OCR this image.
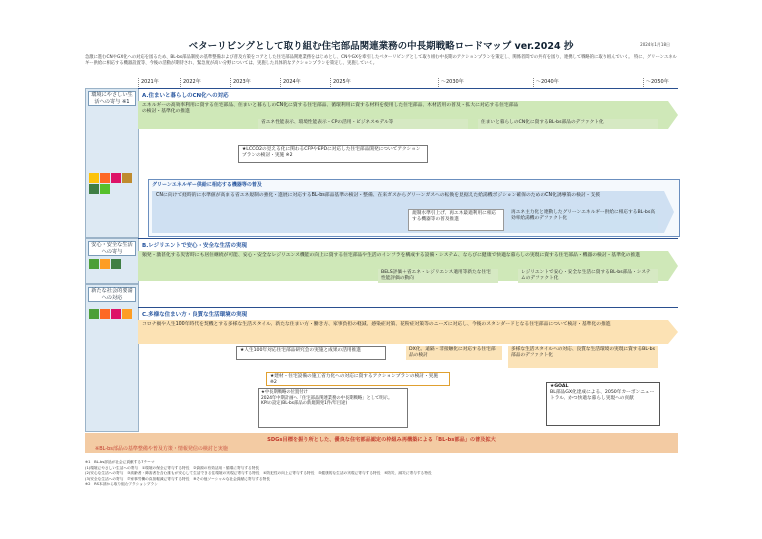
ベターリビングとして取り組む住宅部品関連業務の中長期戦略ロードマップ ver.2024 抄	2024年1月18日
急激に進むCNやGX化への対応を図るため、BL-bs部品制度の基準整備および普及方策をコアとした住宅部品関連業務をはじめとし、CNやGXを牽引したベターリビングとして取り組む中長期のアクションプランを策定し、関係者間での共有を図り、連携して戦略的に取り組んでいく。 特に、グリーンエネルギー供給に相応する機器設置等、今後の活動が期待され、緊急度が高い分野については、実施した具体的なアクションプランを策定し、実施していく。
2021年	2022年	2023年	2024年	2025年	～2030年	～2040年	～2050年
環境にやさしい生活への寄与 ※1
安心・安全な生活への寄与
新たな社会的要請への対応
A.住まいと暮らしのCN化への対応
エネルギーの高効率利用に資する住宅部品、住まいと暮らしのCN化に資する住宅部品、循環利用に資する材料を使用した住宅部品、木材活用の普及・拡大に対応する住宅部品の検討・基準化の推進
省エネ性能表示、環境性能表示・CPの活用・ビジネスモデル等	住まいと暮らしのCN化に資するBL-bs部品のデファクト化
★LCCO2の見える化に関わるCFPやEPDに対応した住宅部品開発についてアクションプランの検討・実施 ※2
グリーンエネルギー供給に相応する機器等の普及
CNに向けて経時的に水準値が高まる省エネ規制の強化・進展に対応するBL-bs部品基準の検討・整備、在来ガスからグリーンガスへの転換を見据えた給湯機ポジション確保のためのCN化誘導策の検討・支援
規制水準引上げ、再エネ最適利用に相応する機器等の普及推進
再エネ主力化と連動したグリーンエネルギー供給に相応するBL-bs高効率給湯機のデファクト化
B.レジリエントで安心・安全な生活の実現
頻発・激甚化する災害時にも居住継続が可能、安心・安全なレジリエンス機能の向上に資する住宅部品や生活のインフラを構成する設備・システム、ならびに健康で快適な暮らしの実現に資する住宅部品・機器の検討・基準化の推進
BELS評価＋省エネ・レジリエンス適用等新たな住宅性能評価の動向
レジリエントで安心・安全な生活に資するBL-bs部品・システムのデファクト化
C.多様な住まい方・良質な生活環境の実現
コロナ禍や人生100年時代を契機とする多様な生活スタイル、新たな住まい方・働き方、家事負担の軽減、感染症対策、花粉症対策等のニーズに対応し、今後のスタンダードとなる住宅部品について検討・基準化の推進
★人生100年対応住宅部品研究会の実施と成果の活用推進	DX化、遠隔・非接触化に対応する住宅部品の検討
多様な生活スタイルへの対応、良質な生活環境の実現に資するBL-bs部品のデファクト化
★建材・住宅設備の施工省力化への対応に資するアクションプランの検討・実施 ※2
★中長期戦略の位置付け
2024年中期計画へ「住宅部品関連業務の中長期戦略」として明示。
KPIの設定(BL-bs部品の新規開発1件/年目途)
★GOAL
BL部品GX化達成による、2050年カーボンニュートラル、かつ快適な暮らし実現への貢献
SDGs目標を振り所とした、優良な住宅部品認定の枠組み再構築による「BL-bs部品」の普及拡大
※BL-bs部品の基準整備や普及方策・情報発信の検討と実施
※1　BL-bs部品が社会に貢献する7テーマ
(1)環境にやさしい生活への寄与　①環境の保全に寄与する特長　②資源の有効活用・循環に寄与する特長
(2)安心な生活への寄与　③高齢者・障害者を含む誰もが安心して生活できる住環境の実現に寄与する特長　④防犯性の向上に寄与する特長　⑤健康的な生活の実現に寄与する特長　⑥防災、減災に寄与する特長
(3)安全な生活への寄与　⑦家事労働の負担軽減に寄与する特長　⑧その他ソーシャルな社会貢献に寄与する特長
※2　RS本部から取り組むアクションプラン
